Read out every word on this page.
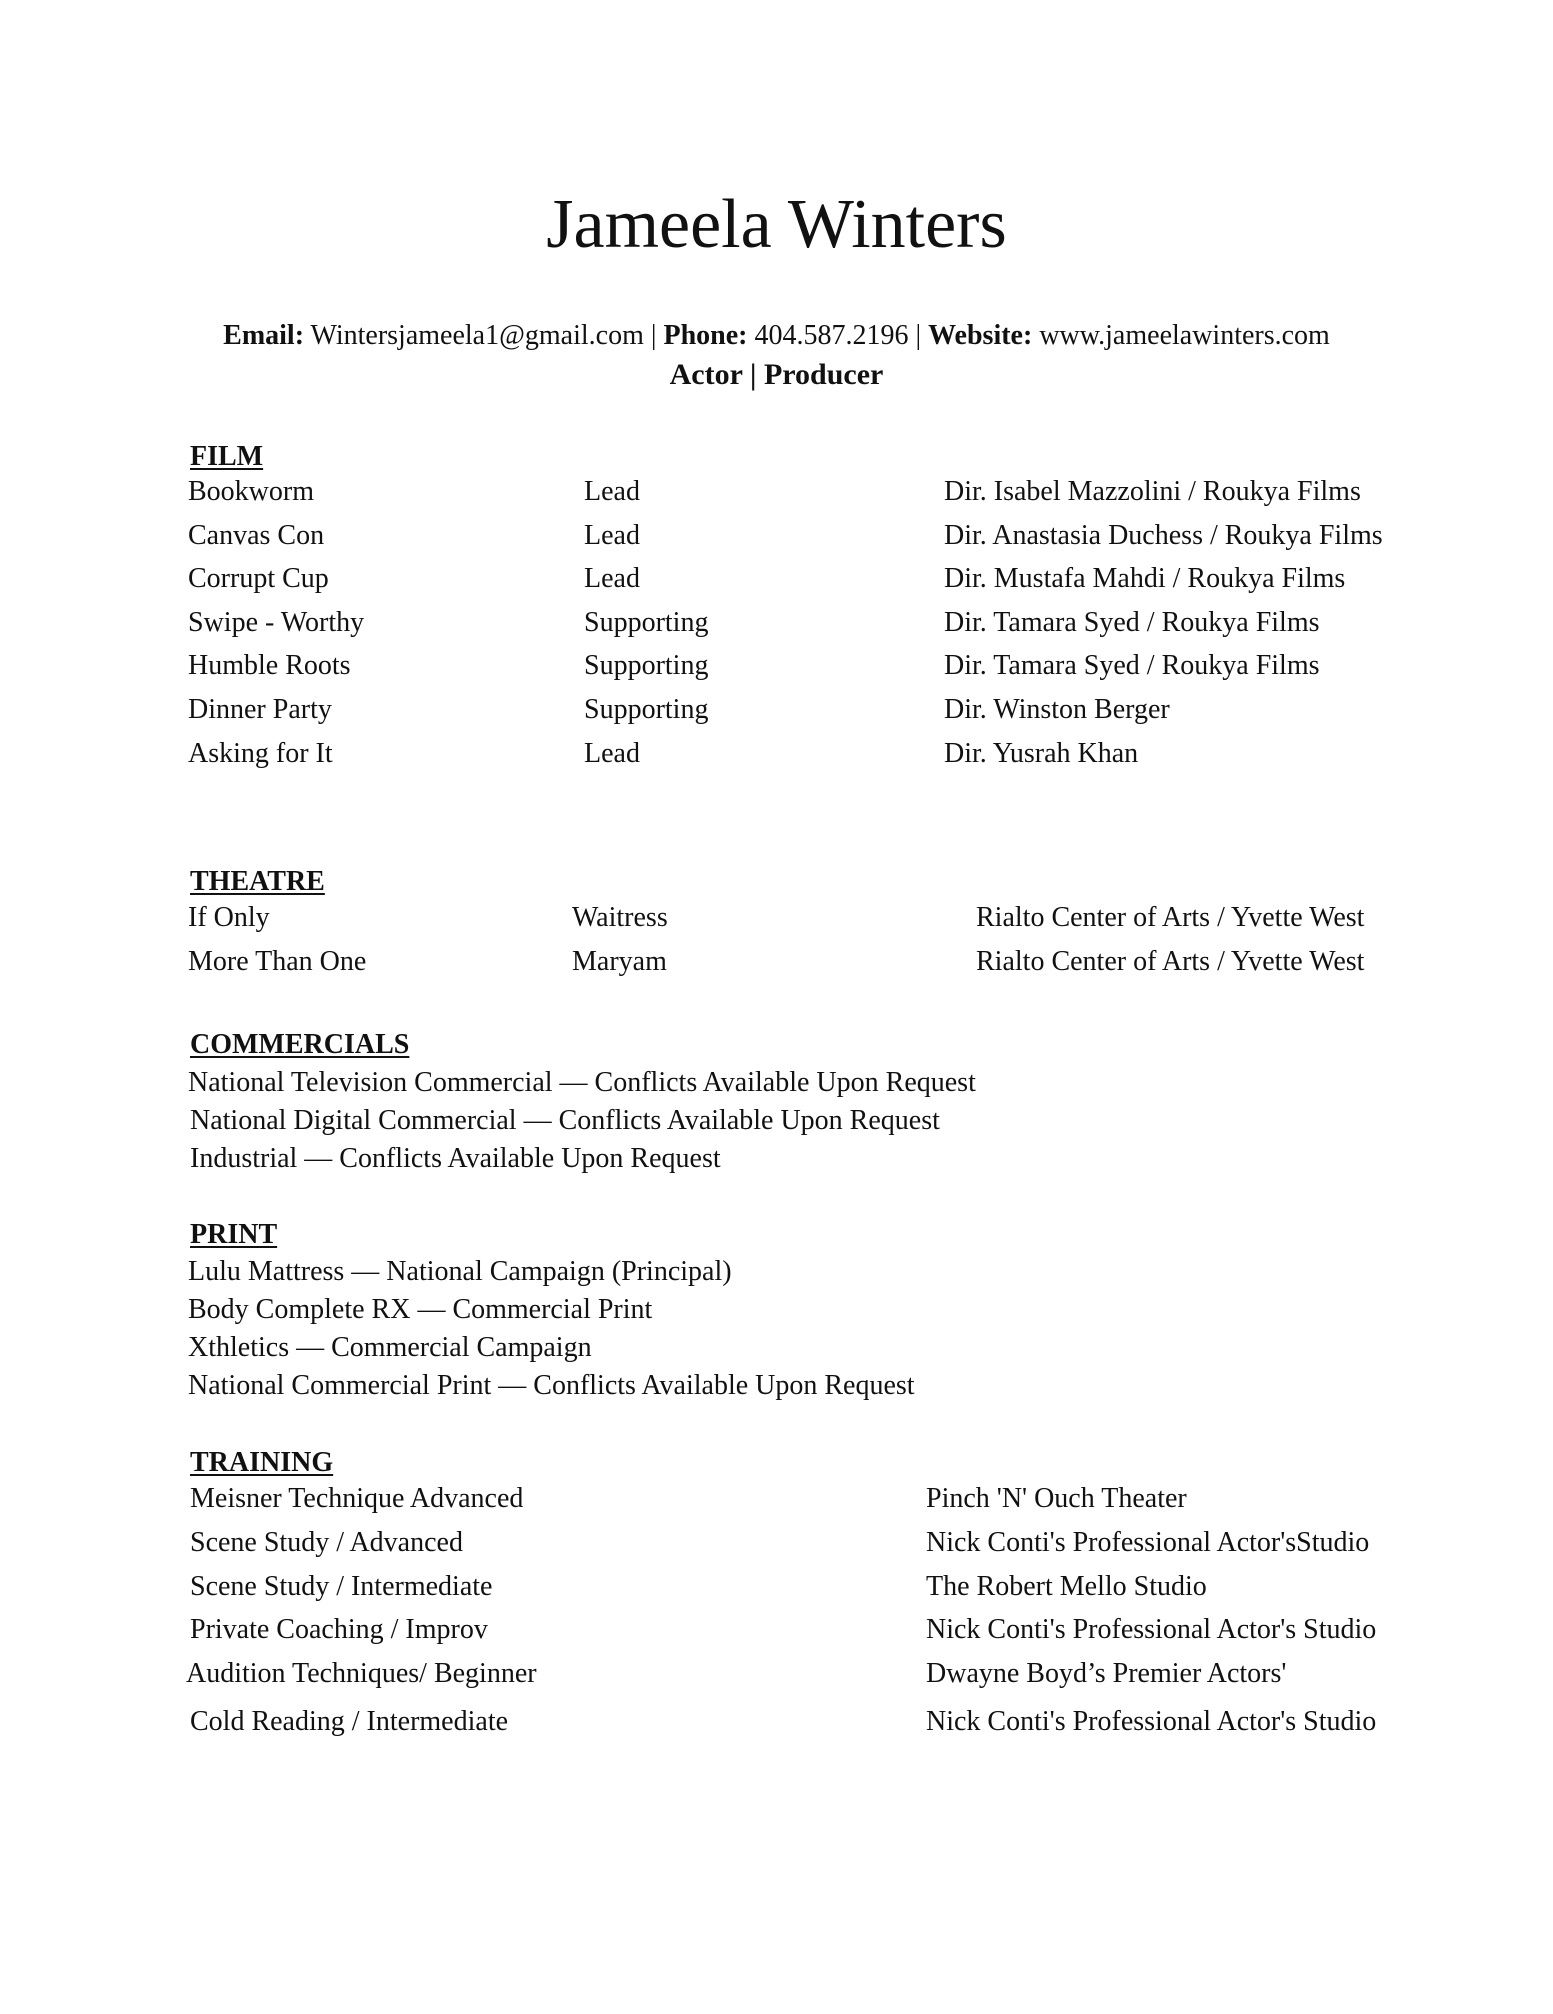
Jameela Winters
Email: Wintersjameela1@gmail.com | Phone: 404.587.2196 | Website: www.jameelawinters.com
Actor | Producer
FILM
Bookworm	Lead	Dir. Isabel Mazzolini / Roukya Films
Canvas Con	Lead	Dir. Anastasia Duchess / Roukya Films
Corrupt Cup	Lead	Dir. Mustafa Mahdi / Roukya Films
Swipe - Worthy	Supporting	Dir. Tamara Syed / Roukya Films
Humble Roots	Supporting	Dir. Tamara Syed / Roukya Films
Dinner Party	Supporting	Dir. Winston Berger
Asking for It	Lead	Dir. Yusrah Khan
THEATRE
If Only	Waitress	Rialto Center of Arts / Yvette West
More Than One	Maryam	Rialto Center of Arts / Yvette West
COMMERCIALS
National Television Commercial — Conflicts Available Upon Request
National Digital Commercial — Conflicts Available Upon Request
Industrial — Conflicts Available Upon Request
PRINT
Lulu Mattress — National Campaign (Principal)
Body Complete RX — Commercial Print
Xthletics — Commercial Campaign
National Commercial Print — Conflicts Available Upon Request
TRAINING
Meisner Technique Advanced	Pinch 'N' Ouch Theater
Scene Study / Advanced	Nick Conti's Professional Actor'sStudio
Scene Study / Intermediate	The Robert Mello Studio
Private Coaching / Improv	Nick Conti's Professional Actor's Studio
Audition Techniques/ Beginner	Dwayne Boyd’s Premier Actors'
Cold Reading / Intermediate	Nick Conti's Professional Actor's Studio
